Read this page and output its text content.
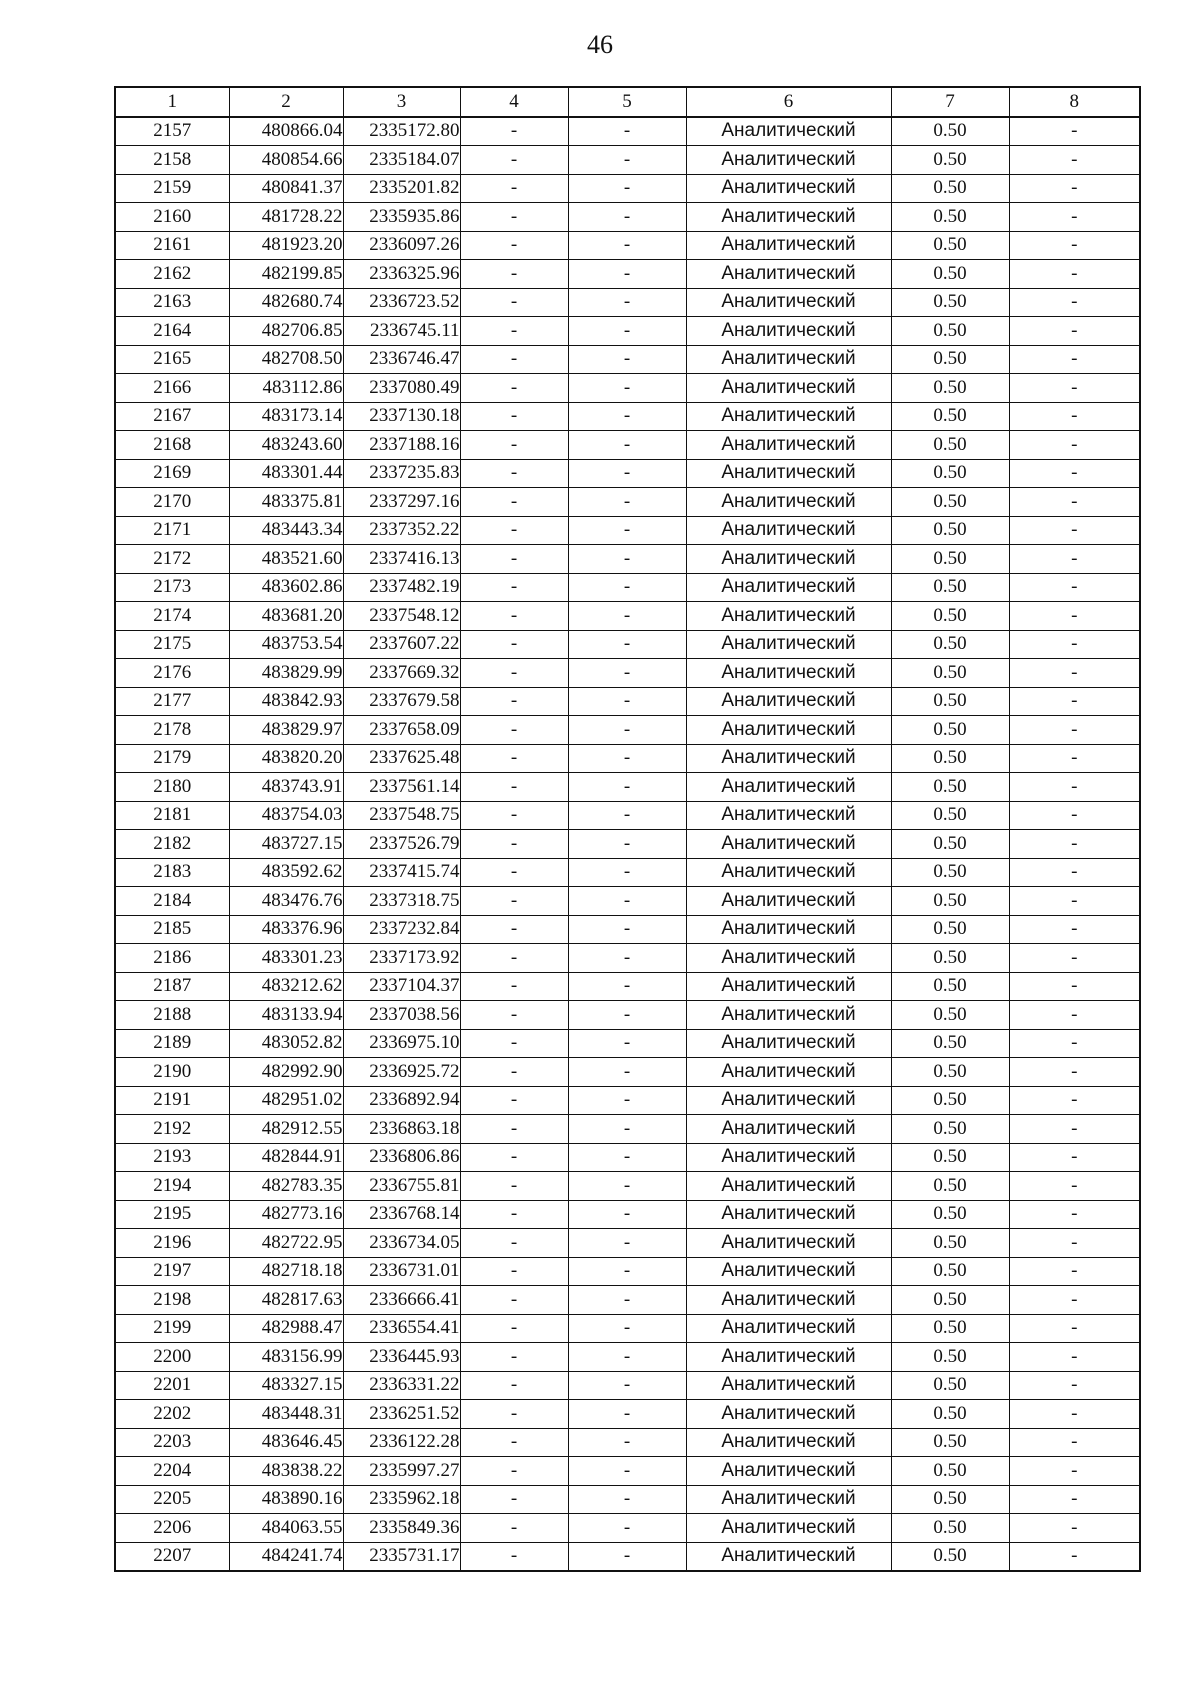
46
1	2	3	4	5	6	7	8
2157	480866.04	2335172.80	-	-	Аналитический	0.50	-
2158	480854.66	2335184.07	-	-	Аналитический	0.50	-
2159	480841.37	2335201.82	-	-	Аналитический	0.50	-
2160	481728.22	2335935.86	-	-	Аналитический	0.50	-
2161	481923.20	2336097.26	-	-	Аналитический	0.50	-
2162	482199.85	2336325.96	-	-	Аналитический	0.50	-
2163	482680.74	2336723.52	-	-	Аналитический	0.50	-
2164	482706.85	2336745.11	-	-	Аналитический	0.50	-
2165	482708.50	2336746.47	-	-	Аналитический	0.50	-
2166	483112.86	2337080.49	-	-	Аналитический	0.50	-
2167	483173.14	2337130.18	-	-	Аналитический	0.50	-
2168	483243.60	2337188.16	-	-	Аналитический	0.50	-
2169	483301.44	2337235.83	-	-	Аналитический	0.50	-
2170	483375.81	2337297.16	-	-	Аналитический	0.50	-
2171	483443.34	2337352.22	-	-	Аналитический	0.50	-
2172	483521.60	2337416.13	-	-	Аналитический	0.50	-
2173	483602.86	2337482.19	-	-	Аналитический	0.50	-
2174	483681.20	2337548.12	-	-	Аналитический	0.50	-
2175	483753.54	2337607.22	-	-	Аналитический	0.50	-
2176	483829.99	2337669.32	-	-	Аналитический	0.50	-
2177	483842.93	2337679.58	-	-	Аналитический	0.50	-
2178	483829.97	2337658.09	-	-	Аналитический	0.50	-
2179	483820.20	2337625.48	-	-	Аналитический	0.50	-
2180	483743.91	2337561.14	-	-	Аналитический	0.50	-
2181	483754.03	2337548.75	-	-	Аналитический	0.50	-
2182	483727.15	2337526.79	-	-	Аналитический	0.50	-
2183	483592.62	2337415.74	-	-	Аналитический	0.50	-
2184	483476.76	2337318.75	-	-	Аналитический	0.50	-
2185	483376.96	2337232.84	-	-	Аналитический	0.50	-
2186	483301.23	2337173.92	-	-	Аналитический	0.50	-
2187	483212.62	2337104.37	-	-	Аналитический	0.50	-
2188	483133.94	2337038.56	-	-	Аналитический	0.50	-
2189	483052.82	2336975.10	-	-	Аналитический	0.50	-
2190	482992.90	2336925.72	-	-	Аналитический	0.50	-
2191	482951.02	2336892.94	-	-	Аналитический	0.50	-
2192	482912.55	2336863.18	-	-	Аналитический	0.50	-
2193	482844.91	2336806.86	-	-	Аналитический	0.50	-
2194	482783.35	2336755.81	-	-	Аналитический	0.50	-
2195	482773.16	2336768.14	-	-	Аналитический	0.50	-
2196	482722.95	2336734.05	-	-	Аналитический	0.50	-
2197	482718.18	2336731.01	-	-	Аналитический	0.50	-
2198	482817.63	2336666.41	-	-	Аналитический	0.50	-
2199	482988.47	2336554.41	-	-	Аналитический	0.50	-
2200	483156.99	2336445.93	-	-	Аналитический	0.50	-
2201	483327.15	2336331.22	-	-	Аналитический	0.50	-
2202	483448.31	2336251.52	-	-	Аналитический	0.50	-
2203	483646.45	2336122.28	-	-	Аналитический	0.50	-
2204	483838.22	2335997.27	-	-	Аналитический	0.50	-
2205	483890.16	2335962.18	-	-	Аналитический	0.50	-
2206	484063.55	2335849.36	-	-	Аналитический	0.50	-
2207	484241.74	2335731.17	-	-	Аналитический	0.50	-
